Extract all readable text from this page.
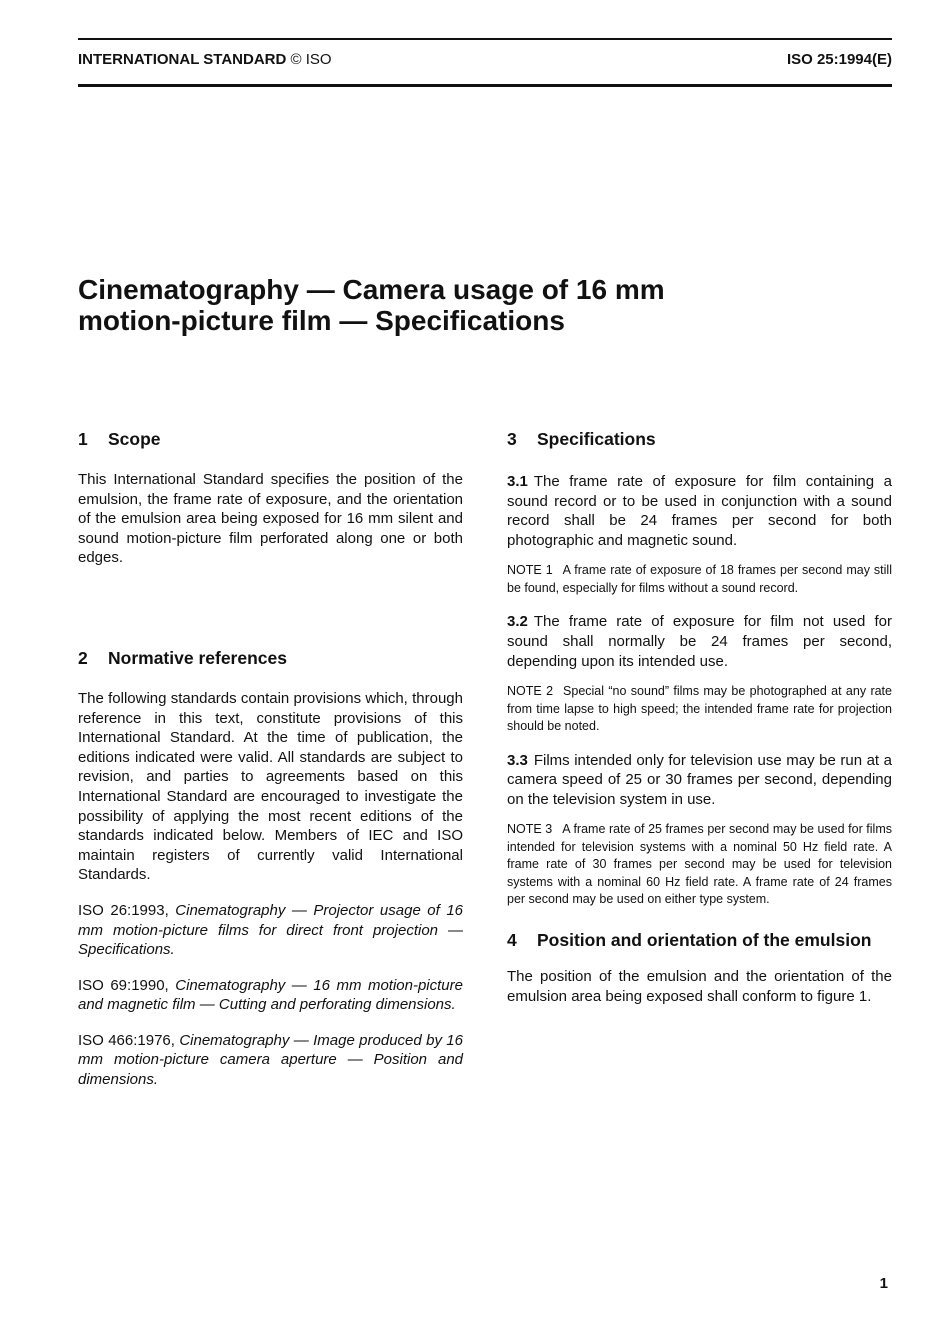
INTERNATIONAL STANDARD © ISO	ISO 25:1994(E)
Cinematography — Camera usage of 16 mm
motion-picture film — Specifications
1 Scope

This International Standard specifies the position of the emulsion, the frame rate of exposure, and the orientation of the emulsion area being exposed for 16 mm silent and sound motion-picture film perforated along one or both edges.

2 Normative references

The following standards contain provisions which, through reference in this text, constitute provisions of this International Standard. At the time of publication, the editions indicated were valid. All standards are subject to revision, and parties to agreements based on this International Standard are encouraged to investigate the possibility of applying the most recent editions of the standards indicated below. Members of IEC and ISO maintain registers of currently valid International Standards.

ISO 26:1993, Cinematography — Projector usage of 16 mm motion-picture films for direct front projection — Specifications.

ISO 69:1990, Cinematography — 16 mm motion-picture and magnetic film — Cutting and perforating dimensions.

ISO 466:1976, Cinematography — Image produced by 16 mm motion-picture camera aperture — Position and dimensions.

3 Specifications

3.1 The frame rate of exposure for film containing a sound record or to be used in conjunction with a sound record shall be 24 frames per second for both photographic and magnetic sound.

NOTE 1 A frame rate of exposure of 18 frames per second may still be found, especially for films without a sound record.

3.2 The frame rate of exposure for film not used for sound shall normally be 24 frames per second, depending upon its intended use.

NOTE 2 Special “no sound” films may be photographed at any rate from time lapse to high speed; the intended frame rate for projection should be noted.

3.3 Films intended only for television use may be run at a camera speed of 25 or 30 frames per second, depending on the television system in use.

NOTE 3 A frame rate of 25 frames per second may be used for films intended for television systems with a nominal 50 Hz field rate. A frame rate of 30 frames per second may be used for television systems with a nominal 60 Hz field rate. A frame rate of 24 frames per second may be used on either type system.

4 Position and orientation of the emulsion

The position of the emulsion and the orientation of the emulsion area being exposed shall conform to figure 1.

1
